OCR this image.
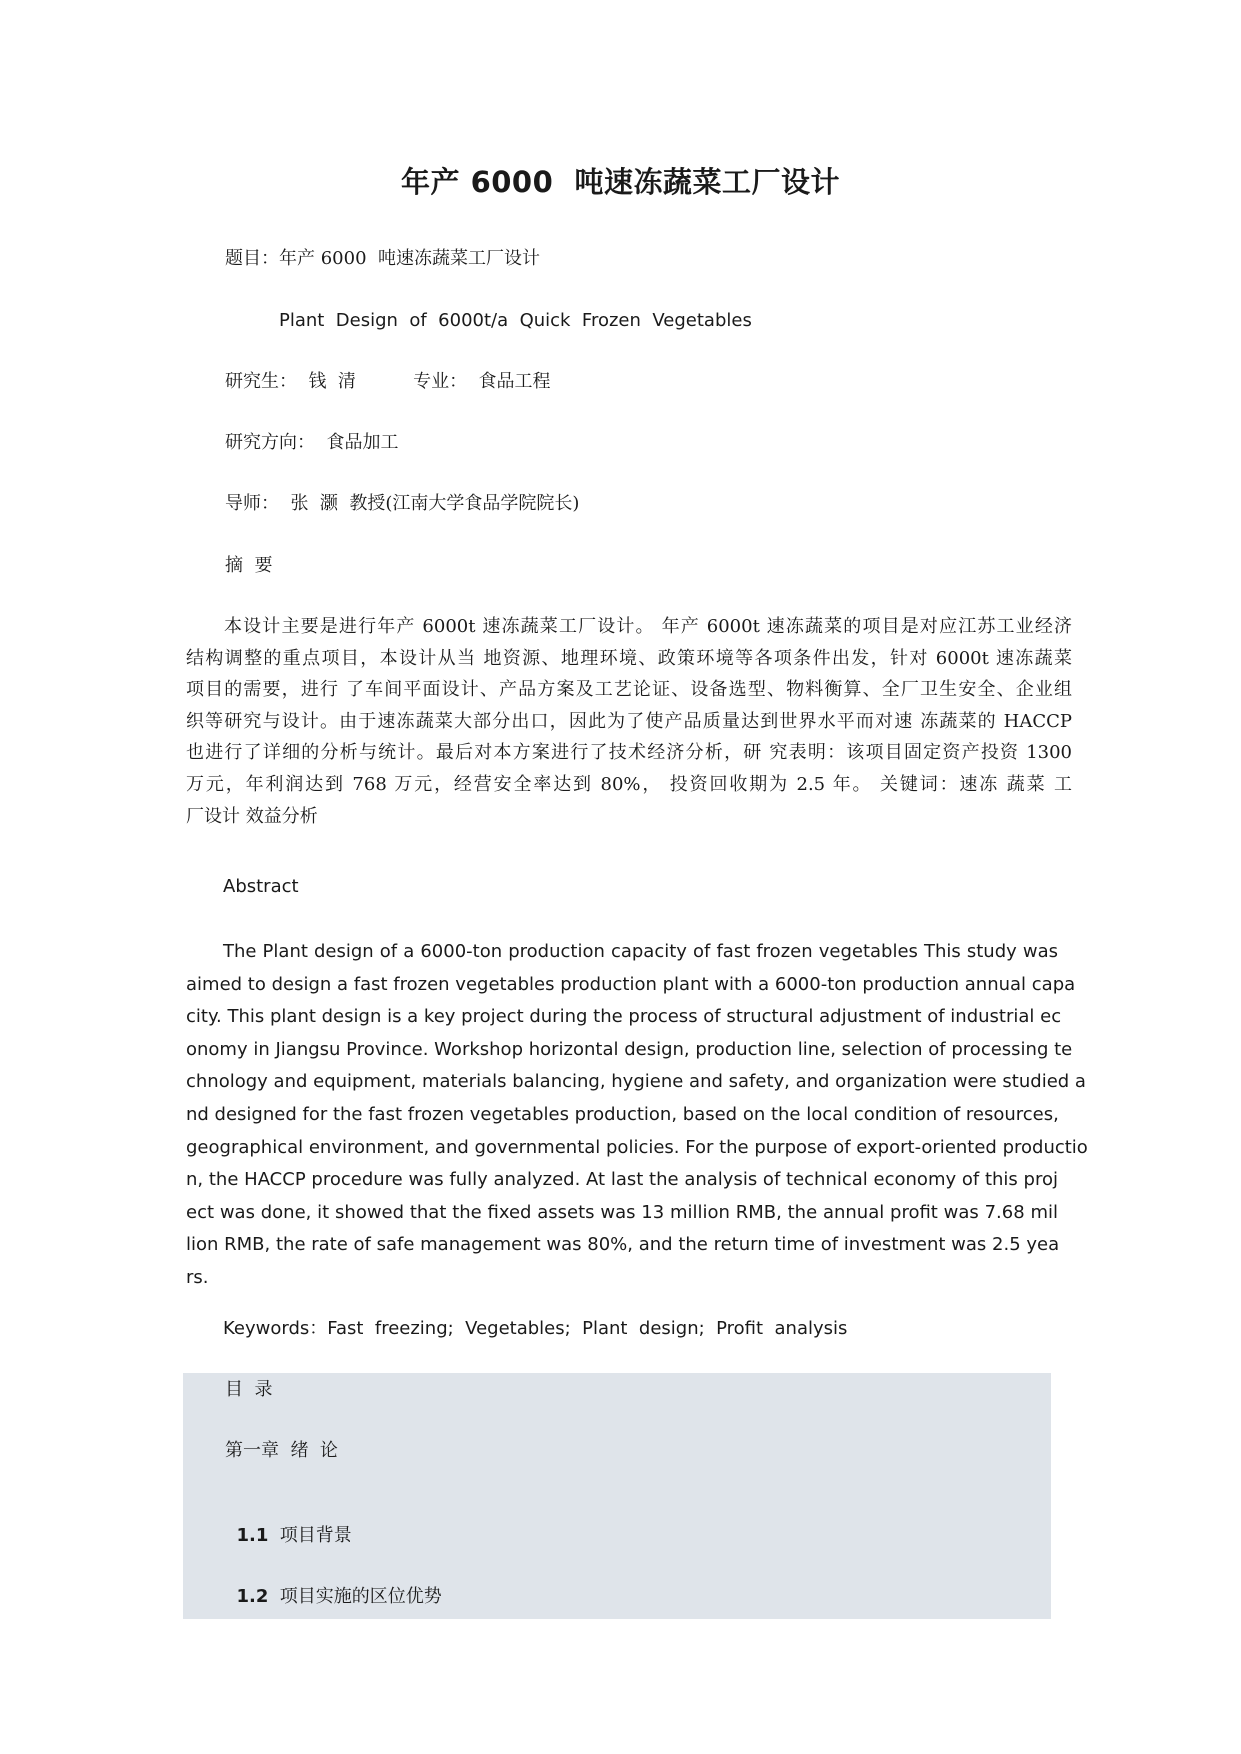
年产 6000  吨速冻蔬菜工厂设计
题目：年产 6000  吨速冻蔬菜工厂设计
Plant  Design  of  6000t/a  Quick  Frozen  Vegetables
研究生：  钱  清          专业：  食品工程
研究方向：  食品加工
导师：  张  灏  教授(江南大学食品学院院长)
摘  要
本设计主要是进行年产 6000t 速冻蔬菜工厂设计。 年产 6000t 速冻蔬菜的项目是对应江苏工业经济
结构调整的重点项目，本设计从当 地资源、地理环境、政策环境等各项条件出发，针对 6000t 速冻蔬菜
项目的需要，进行 了车间平面设计、产品方案及工艺论证、设备选型、物料衡算、全厂卫生安全、企业组
织等研究与设计。由于速冻蔬菜大部分出口，因此为了使产品质量达到世界水平而对速 冻蔬菜的 HACCP
也进行了详细的分析与统计。最后对本方案进行了技术经济分析，研 究表明：该项目固定资产投资 1300
万元，年利润达到 768 万元，经营安全率达到 80%， 投资回收期为 2.5 年。 关键词：速冻 蔬菜 工
厂设计 效益分析
Abstract
The Plant design of a 6000-ton production capacity of fast frozen vegetables This study was
aimed to design a fast frozen vegetables production plant with a 6000-ton production annual capa
city. This plant design is a key project during the process of structural adjustment of industrial ec
onomy in Jiangsu Province. Workshop horizontal design, production line, selection of processing te
chnology and equipment, materials balancing, hygiene and safety, and organization were studied a
nd designed for the fast frozen vegetables production, based on the local condition of resources,
geographical environment, and governmental policies. For the purpose of export-oriented productio
n, the HACCP procedure was fully analyzed. At last the analysis of technical economy of this proj
ect was done, it showed that the fixed assets was 13 million RMB, the annual profit was 7.68 mil
lion RMB, the rate of safe management was 80%, and the return time of investment was 2.5 yea
rs.
Keywords：Fast  freezing;  Vegetables;  Plant  design;  Profit  analysis
目  录
第一章  绪  论

1.1  项目背景

1.2  项目实施的区位优势
